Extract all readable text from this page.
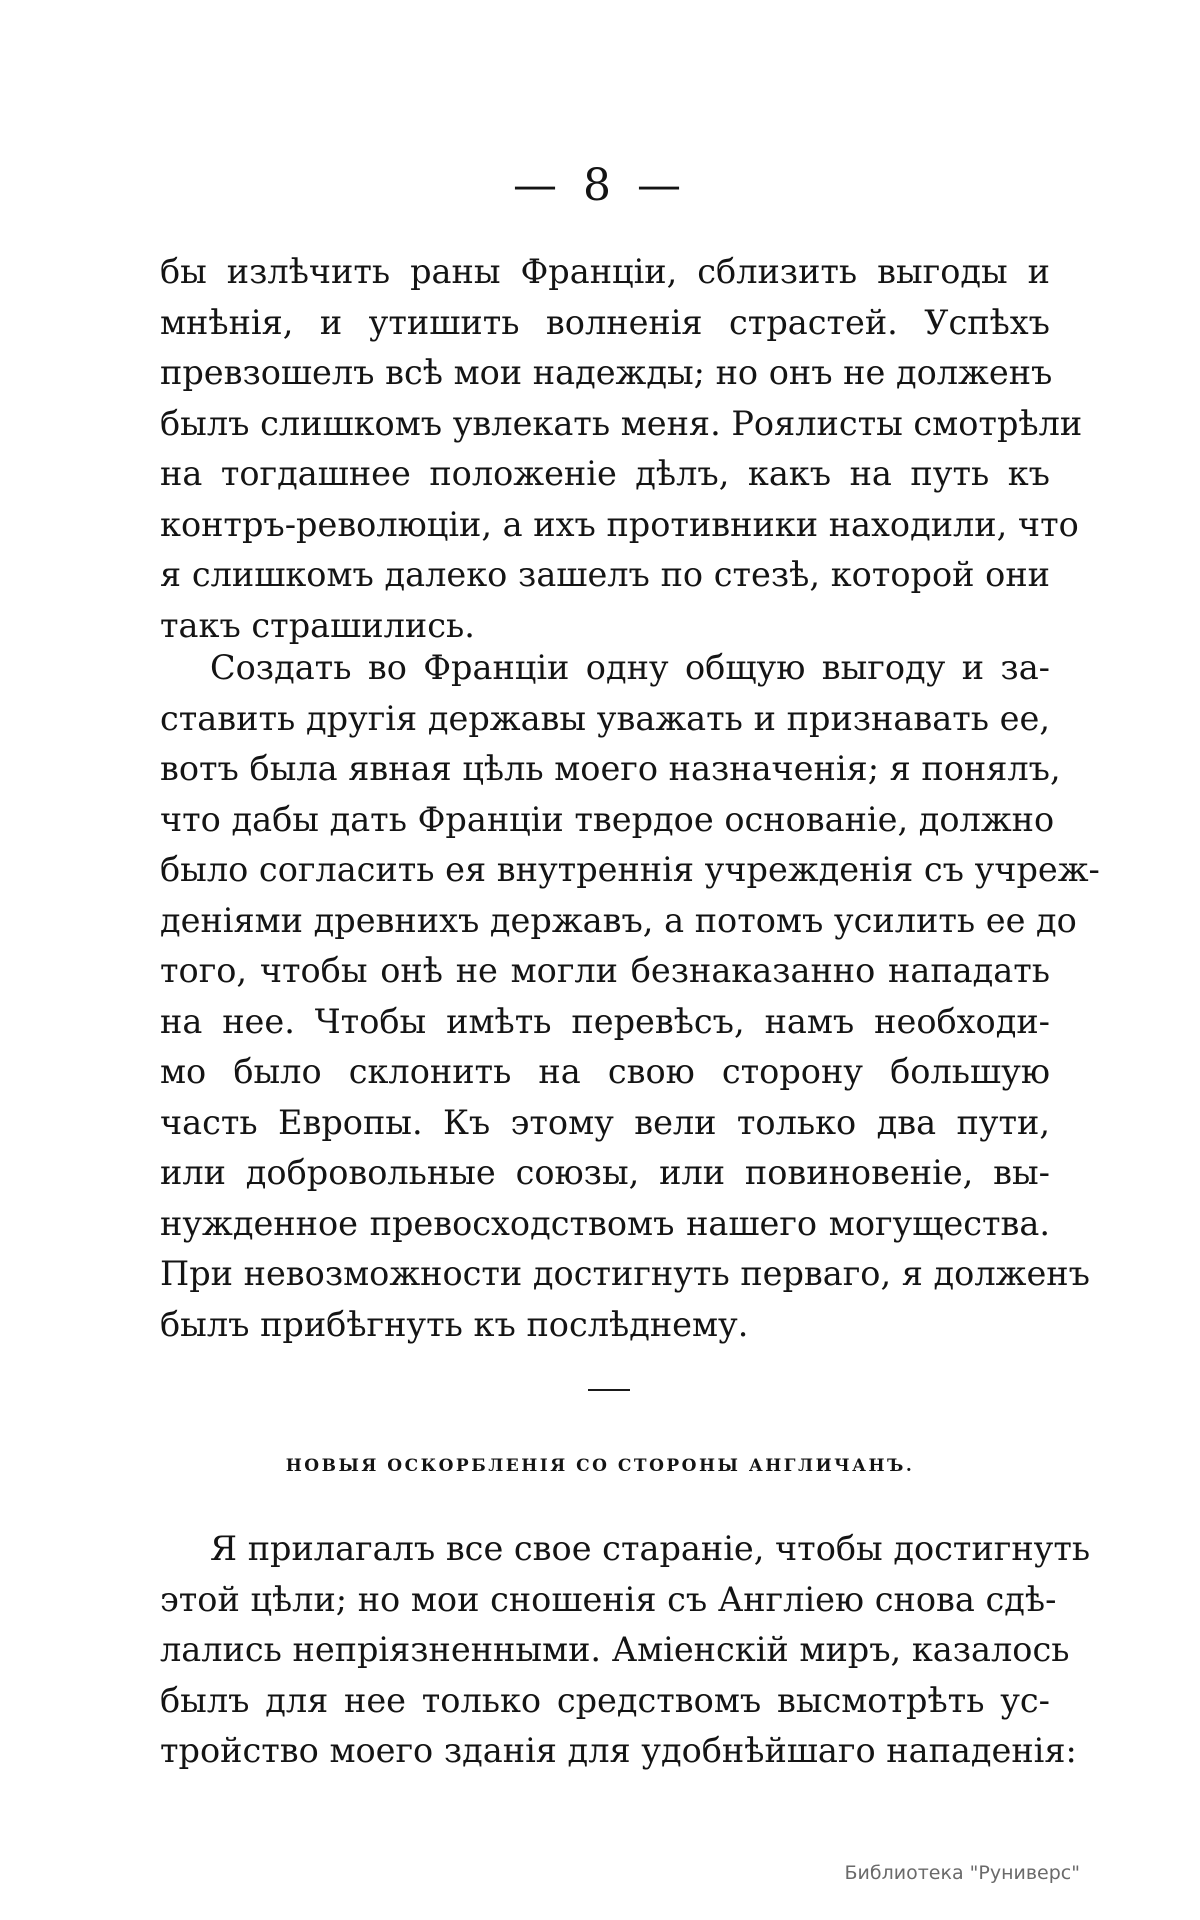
— 8 —
бы излѣчить раны Франціи, сблизить выгоды и
мнѣнія, и утишить волненія страстей. Успѣхъ
превзошелъ всѣ мои надежды; но онъ не долженъ
былъ слишкомъ увлекать меня. Роялисты смотрѣли
на тогдашнее положеніе дѣлъ, какъ на путь къ
контръ-революціи, а ихъ противники находили, что
я слишкомъ далеко зашелъ по стезѣ, которой они
такъ страшились.
Создать во Франціи одну общую выгоду и за-
ставить другія державы уважать и признавать ее,
вотъ была явная цѣль моего назначенія; я понялъ,
что дабы дать Франціи твердое основаніе, должно
было согласить ея внутреннія учрежденія съ учреж-
деніями древнихъ державъ, а потомъ усилить ее до
того, чтобы онѣ не могли безнаказанно нападать
на нее. Чтобы имѣть перевѣсъ, намъ необходи-
мо было склонить на свою сторону большую
часть Европы. Къ этому вели только два пути,
или добровольные союзы, или повиновеніе, вы-
нужденное превосходствомъ нашего могущества.
При невозможности достигнуть перваго, я долженъ
былъ прибѣгнуть къ послѣднему.
НОВЫЯ ОСКОРБЛЕНІЯ СО СТОРОНЫ АНГЛИЧАНЪ.
Я прилагалъ все свое стараніе, чтобы достигнуть
этой цѣли; но мои сношенія съ Англіею снова сдѣ-
лались непріязненными. Аміенскій миръ, казалось
былъ для нее только средствомъ высмотрѣть ус-
тройство моего зданія для удобнѣйшаго нападенія:
Библиотека "Руниверс"
